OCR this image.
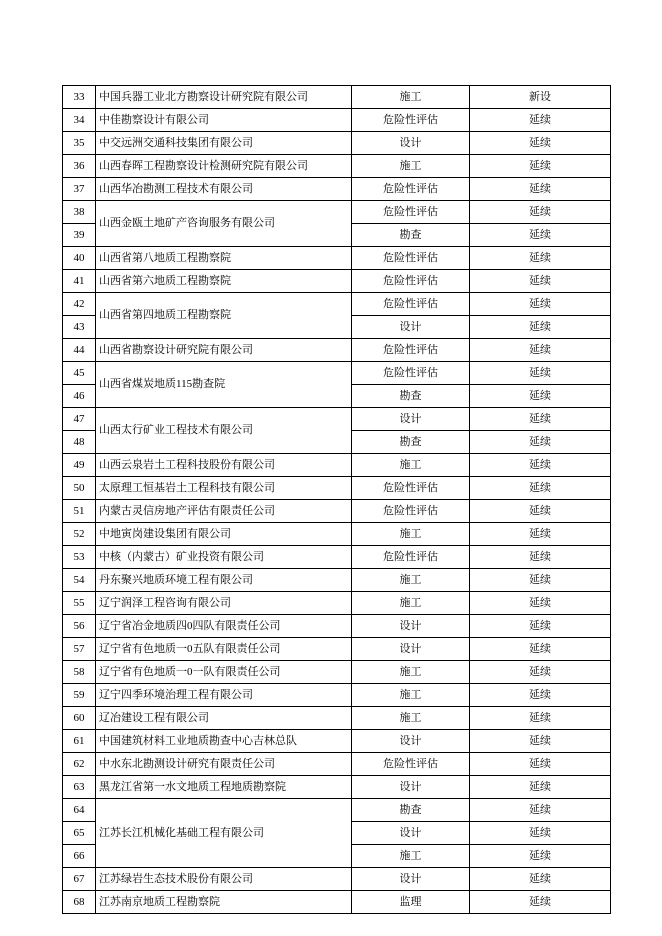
33	中国兵器工业北方勘察设计研究院有限公司	施工	新设
34	中佳勘察设计有限公司	危险性评估	延续
35	中交远洲交通科技集团有限公司	设计	延续
36	山西春晖工程勘察设计检测研究院有限公司	施工	延续
37	山西华冶勘测工程技术有限公司	危险性评估	延续
38	山西金瓯土地矿产咨询服务有限公司	危险性评估	延续
39		勘查	延续
40	山西省第八地质工程勘察院	危险性评估	延续
41	山西省第六地质工程勘察院	危险性评估	延续
42	山西省第四地质工程勘察院	危险性评估	延续
43		设计	延续
44	山西省勘察设计研究院有限公司	危险性评估	延续
45	山西省煤炭地质115勘查院	危险性评估	延续
46		勘查	延续
47	山西太行矿业工程技术有限公司	设计	延续
48		勘查	延续
49	山西云泉岩土工程科技股份有限公司	施工	延续
50	太原理工恒基岩土工程科技有限公司	危险性评估	延续
51	内蒙古灵信房地产评估有限责任公司	危险性评估	延续
52	中地寅岗建设集团有限公司	施工	延续
53	中核（内蒙古）矿业投资有限公司	危险性评估	延续
54	丹东聚兴地质环境工程有限公司	施工	延续
55	辽宁润泽工程咨询有限公司	施工	延续
56	辽宁省冶金地质四0四队有限责任公司	设计	延续
57	辽宁省有色地质一0五队有限责任公司	设计	延续
58	辽宁省有色地质一0一队有限责任公司	施工	延续
59	辽宁四季环境治理工程有限公司	施工	延续
60	辽冶建设工程有限公司	施工	延续
61	中国建筑材料工业地质勘查中心吉林总队	设计	延续
62	中水东北勘测设计研究有限责任公司	危险性评估	延续
63	黑龙江省第一水文地质工程地质勘察院	设计	延续
64	江苏长江机械化基础工程有限公司	勘查	延续
65		设计	延续
66		施工	延续
67	江苏绿岩生态技术股份有限公司	设计	延续
68	江苏南京地质工程勘察院	监理	延续
